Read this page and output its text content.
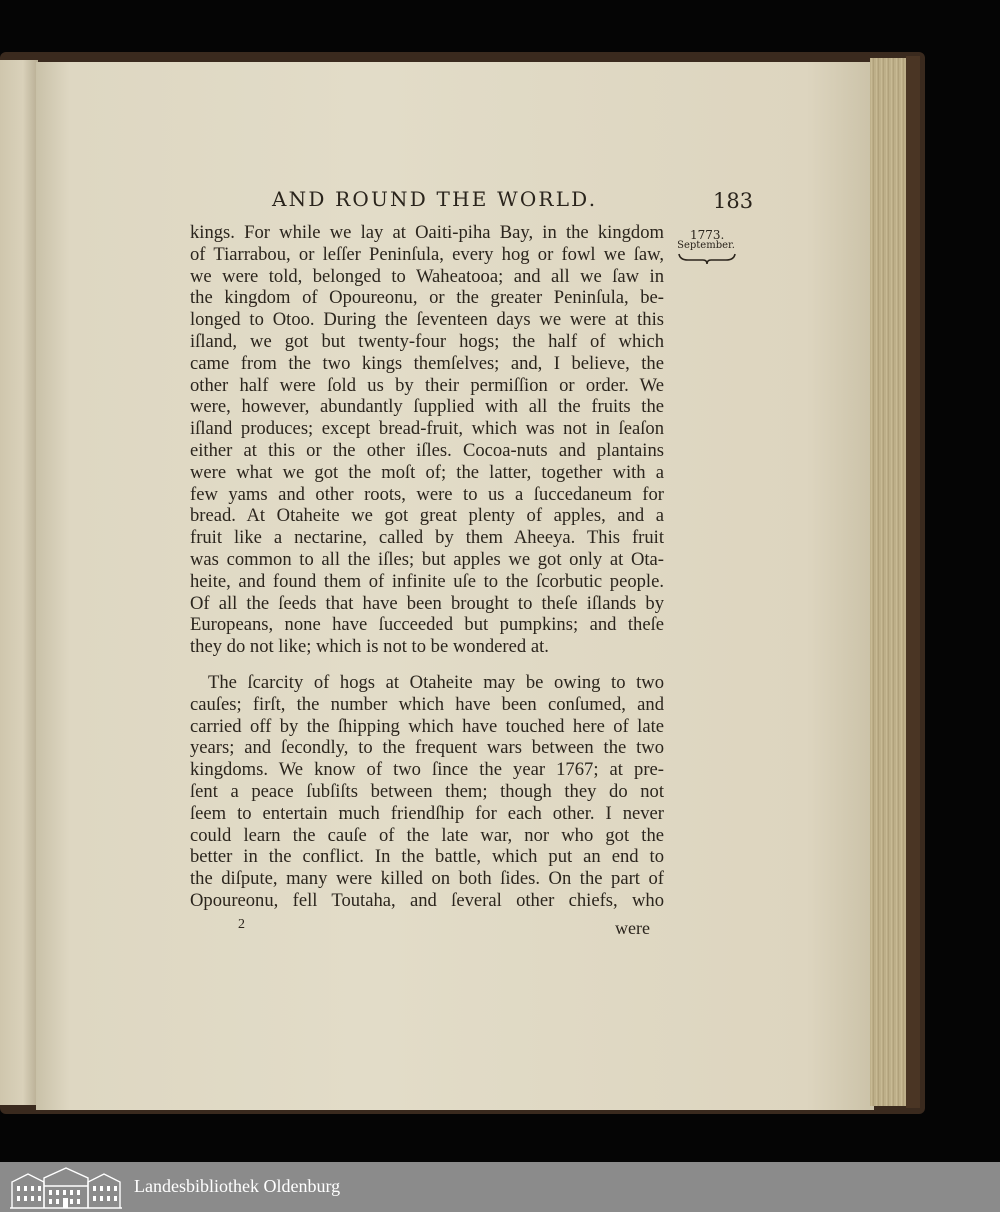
AND ROUND THE WORLD.	183
1773.
September.
kings. For while we lay at Oaiti-piha Bay, in the kingdom
of Tiarrabou, or leſſer Peninſula, every hog or fowl we ſaw,
we were told, belonged to Waheatooa; and all we ſaw in
the kingdom of Opoureonu, or the greater Peninſula, be-
longed to Otoo. During the ſeventeen days we were at this
iſland, we got but twenty-four hogs; the half of which
came from the two kings themſelves; and, I believe, the
other half were ſold us by their permiſſion or order. We
were, however, abundantly ſupplied with all the fruits the
iſland produces; except bread-fruit, which was not in ſeaſon
either at this or the other iſles. Cocoa-nuts and plantains
were what we got the moſt of; the latter, together with a
few yams and other roots, were to us a ſuccedaneum for
bread. At Otaheite we got great plenty of apples, and a
fruit like a nectarine, called by them Aheeya. This fruit
was common to all the iſles; but apples we got only at Ota-
heite, and found them of infinite uſe to the ſcorbutic people.
Of all the ſeeds that have been brought to theſe iſlands by
Europeans, none have ſucceeded but pumpkins; and theſe
they do not like; which is not to be wondered at.
The ſcarcity of hogs at Otaheite may be owing to two
cauſes; firſt, the number which have been conſumed, and
carried off by the ſhipping which have touched here of late
years; and ſecondly, to the frequent wars between the two
kingdoms. We know of two ſince the year 1767; at pre-
ſent a peace ſubſiſts between them; though they do not
ſeem to entertain much friendſhip for each other. I never
could learn the cauſe of the late war, nor who got the
better in the conflict. In the battle, which put an end to
the diſpute, many were killed on both ſides. On the part of
Opoureonu, fell Toutaha, and ſeveral other chiefs, who
2	were
Landesbibliothek Oldenburg
